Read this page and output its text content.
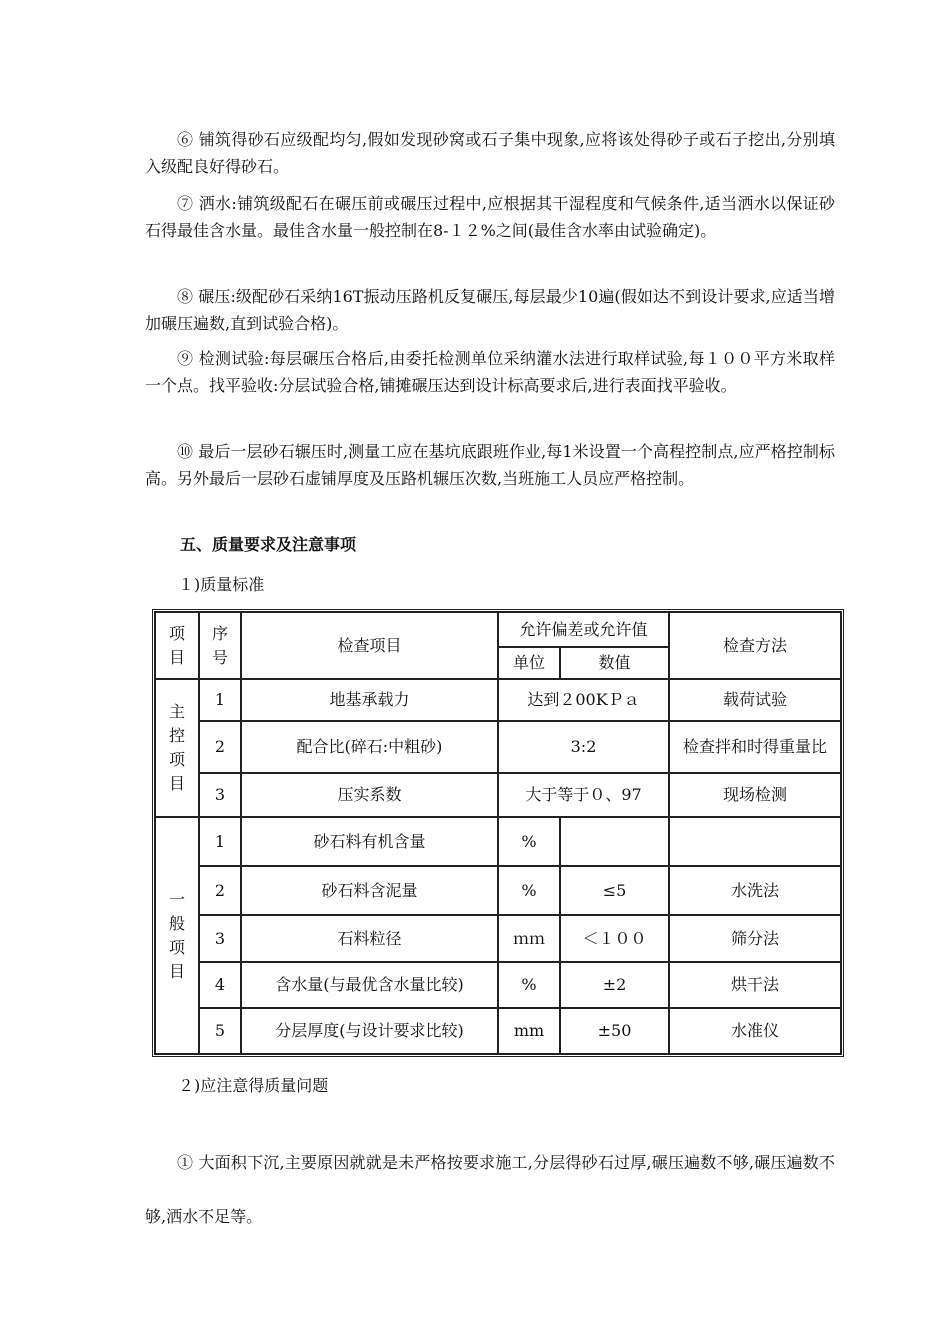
⑥ 铺筑得砂石应级配均匀,假如发现砂窝或石子集中现象,应将该处得砂子或石子挖出,分别填入级配良好得砂石。

⑦ 洒水:铺筑级配石在碾压前或碾压过程中,应根据其干湿程度和气候条件,适当洒水以保证砂石得最佳含水量。最佳含水量一般控制在8-１２%之间(最佳含水率由试验确定)。

⑧ 碾压:级配砂石采纳16T振动压路机反复碾压,每层最少10遍(假如达不到设计要求,应适当增加碾压遍数,直到试验合格)。

⑨ 检测试验:每层碾压合格后,由委托检测单位采纳灌水法进行取样试验,每１００平方米取样一个点。找平验收:分层试验合格,铺摊碾压达到设计标高要求后,进行表面找平验收。

⑩ 最后一层砂石辗压时,测量工应在基坑底跟班作业,每1米设置一个高程控制点,应严格控制标高。另外最后一层砂石虚铺厚度及压路机辗压次数,当班施工人员应严格控制。

五、质量要求及注意事项

１)质量标准

项目	序号	检查项目	允许偏差或允许值		检查方法
			单位	数值	
主控项目	1	地基承载力	达到２00KＰａ		载荷试验
	2	配合比(碎石:中粗砂)	3:2		检查拌和时得重量比
	3	压实系数	大于等于０、97		现场检测
一般项目	1	砂石料有机含量	%		
	2	砂石料含泥量	%	≤5	水洗法
	3	石料粒径	ｍｍ	＜１００	筛分法
	4	含水量(与最优含水量比较)	%	±2	烘干法
	5	分层厚度(与设计要求比较)	mm	±50	水准仪

２)应注意得质量问题

① 大面积下沉,主要原因就就是未严格按要求施工,分层得砂石过厚,碾压遍数不够,碾压遍数不够,洒水不足等。
